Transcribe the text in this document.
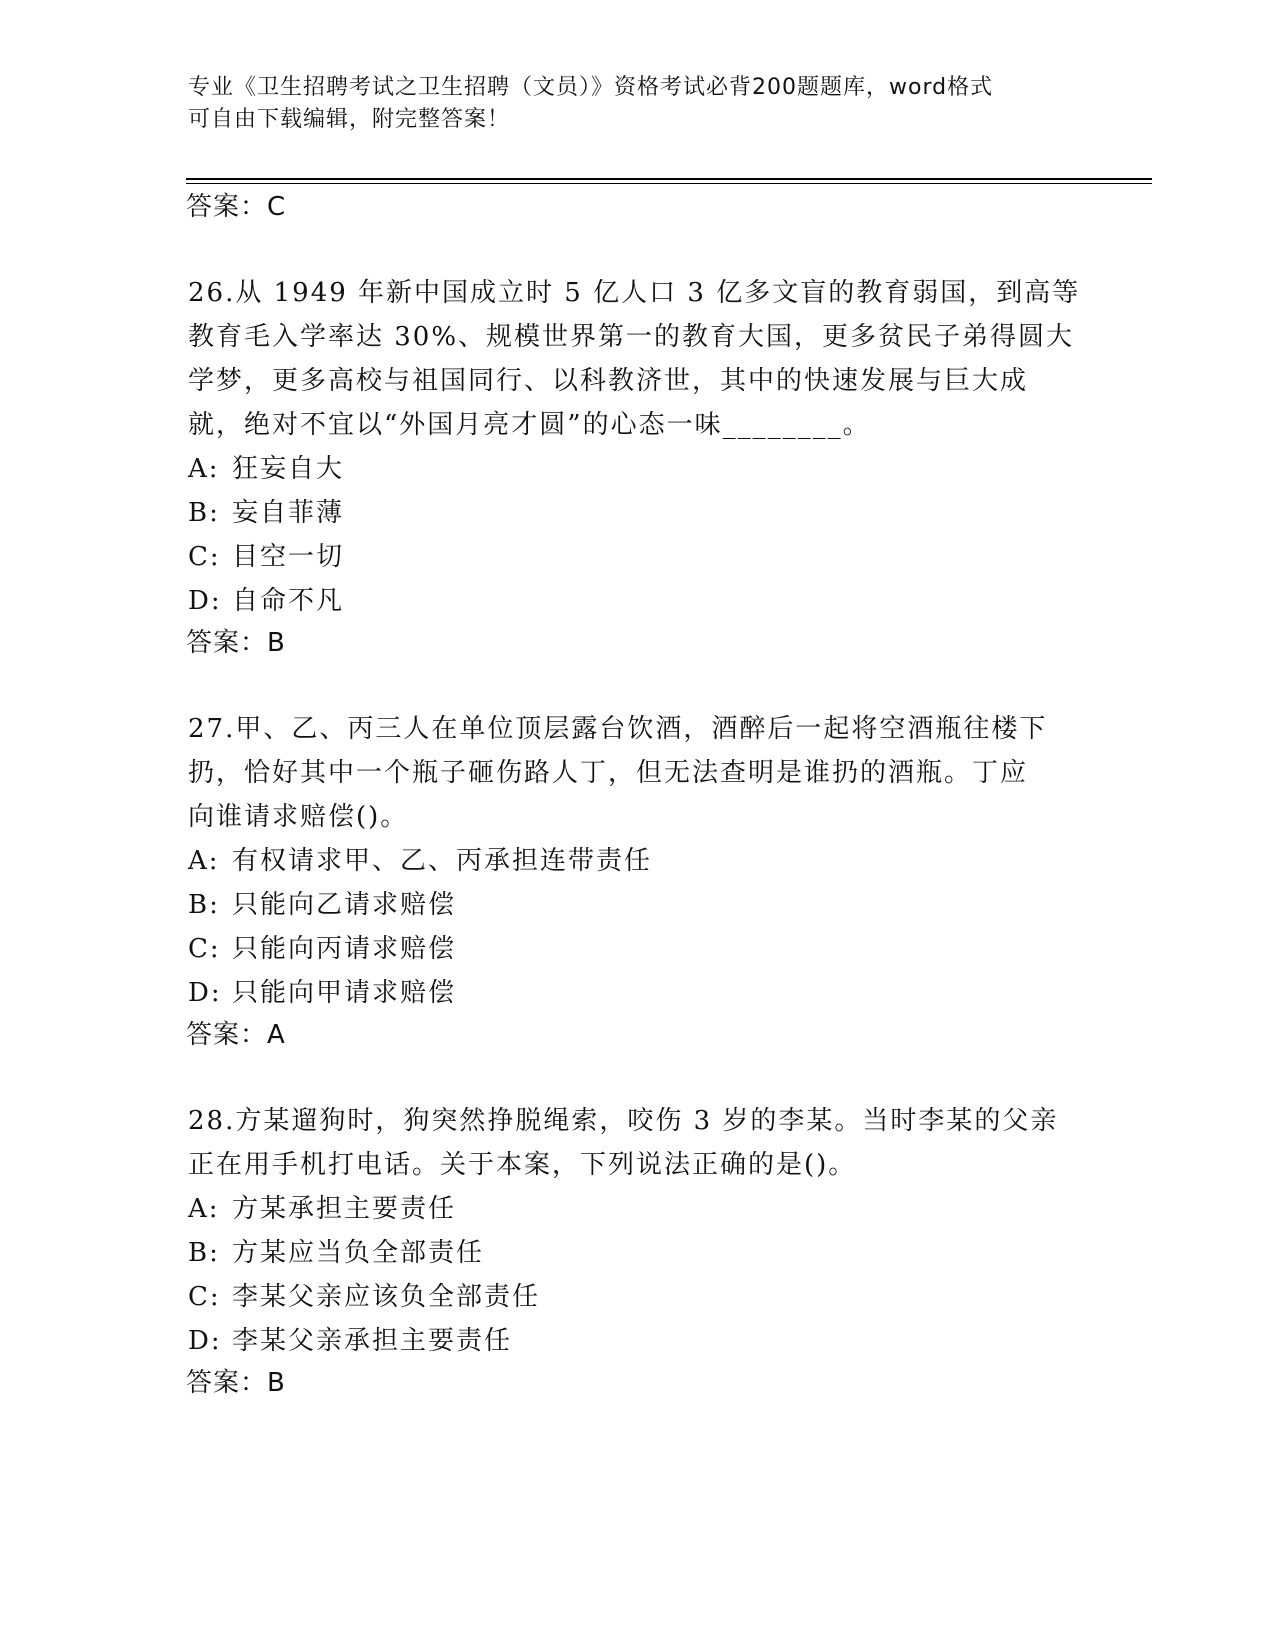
专业《卫生招聘考试之卫生招聘（文员）》资格考试必背200题题库，word格式
可自由下载编辑，附完整答案！
答案：C
26.从 1949 年新中国成立时 5 亿人口 3 亿多文盲的教育弱国，到高等
教育毛入学率达 30%、规模世界第一的教育大国，更多贫民子弟得圆大
学梦，更多高校与祖国同行、以科教济世，其中的快速发展与巨大成
就，绝对不宜以“外国月亮才圆”的心态一味________。
A: 狂妄自大
B: 妄自菲薄
C: 目空一切
D: 自命不凡
答案：B
27.甲、乙、丙三人在单位顶层露台饮酒，酒醉后一起将空酒瓶往楼下
扔，恰好其中一个瓶子砸伤路人丁，但无法查明是谁扔的酒瓶。丁应
向谁请求赔偿()。
A: 有权请求甲、乙、丙承担连带责任
B: 只能向乙请求赔偿
C: 只能向丙请求赔偿
D: 只能向甲请求赔偿
答案：A
28.方某遛狗时，狗突然挣脱绳索，咬伤 3 岁的李某。当时李某的父亲
正在用手机打电话。关于本案，下列说法正确的是()。
A: 方某承担主要责任
B: 方某应当负全部责任
C: 李某父亲应该负全部责任
D: 李某父亲承担主要责任
答案：B
